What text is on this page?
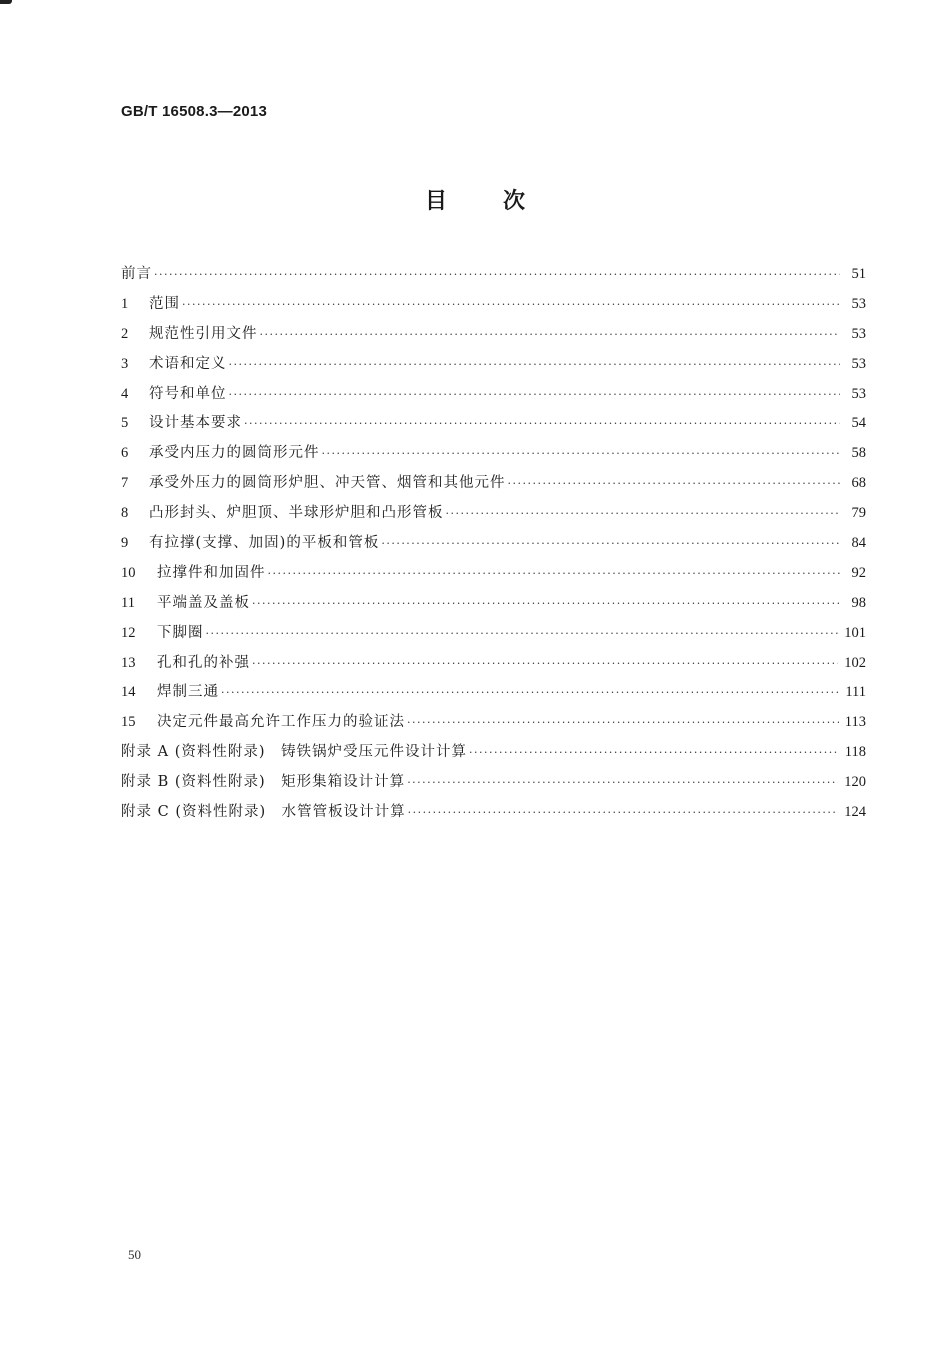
GB/T 16508.3—2013
目次
前言 ·····	51
1	范围 ·····	53
2	规范性引用文件 ·····	53
3	术语和定义 ·····	53
4	符号和单位 ·····	53
5	设计基本要求 ·····	54
6	承受内压力的圆筒形元件 ·····	58
7	承受外压力的圆筒形炉胆、冲天管、烟管和其他元件 ·····	68
8	凸形封头、炉胆顶、半球形炉胆和凸形管板 ·····	79
9	有拉撑(支撑、加固)的平板和管板 ·····	84
10	拉撑件和加固件 ·····	92
11	平端盖及盖板 ·····	98
12	下脚圈 ·····	101
13	孔和孔的补强 ·····	102
14	焊制三通 ·····	111
15	决定元件最高允许工作压力的验证法 ·····	113
附录 A (资料性附录)　铸铁锅炉受压元件设计计算 ·····	118
附录 B (资料性附录)　矩形集箱设计计算 ·····	120
附录 C (资料性附录)　水管管板设计计算 ·····	124
50
